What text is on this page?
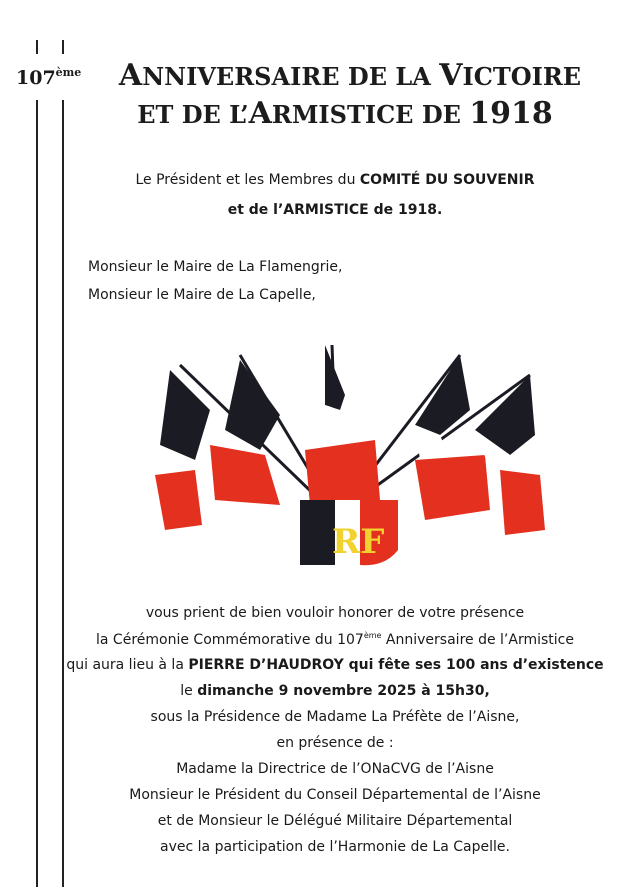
107ème	ANNIVERSAIRE DE LA VICTOIRE
ET DE L’ARMISTICE DE 1918
Le Président et les Membres du COMITÉ DU SOUVENIR
et de l’ARMISTICE de 1918.
Monsieur le Maire de La Flamengrie,
Monsieur le Maire de La Capelle,
RF
vous prient de bien vouloir honorer de votre présence
la Cérémonie Commémorative du 107ème Anniversaire de l’Armistice
qui aura lieu à la PIERRE D’HAUDROY qui fête ses 100 ans d’existence
le dimanche 9 novembre 2025 à 15h30,
sous la Présidence de Madame La Préfète de l’Aisne,
en présence de :
Madame la Directrice de l’ONaCVG de l’Aisne
Monsieur le Président du Conseil Départemental de l’Aisne
et de Monsieur le Délégué Militaire Départemental
avec la participation de l’Harmonie de La Capelle.
